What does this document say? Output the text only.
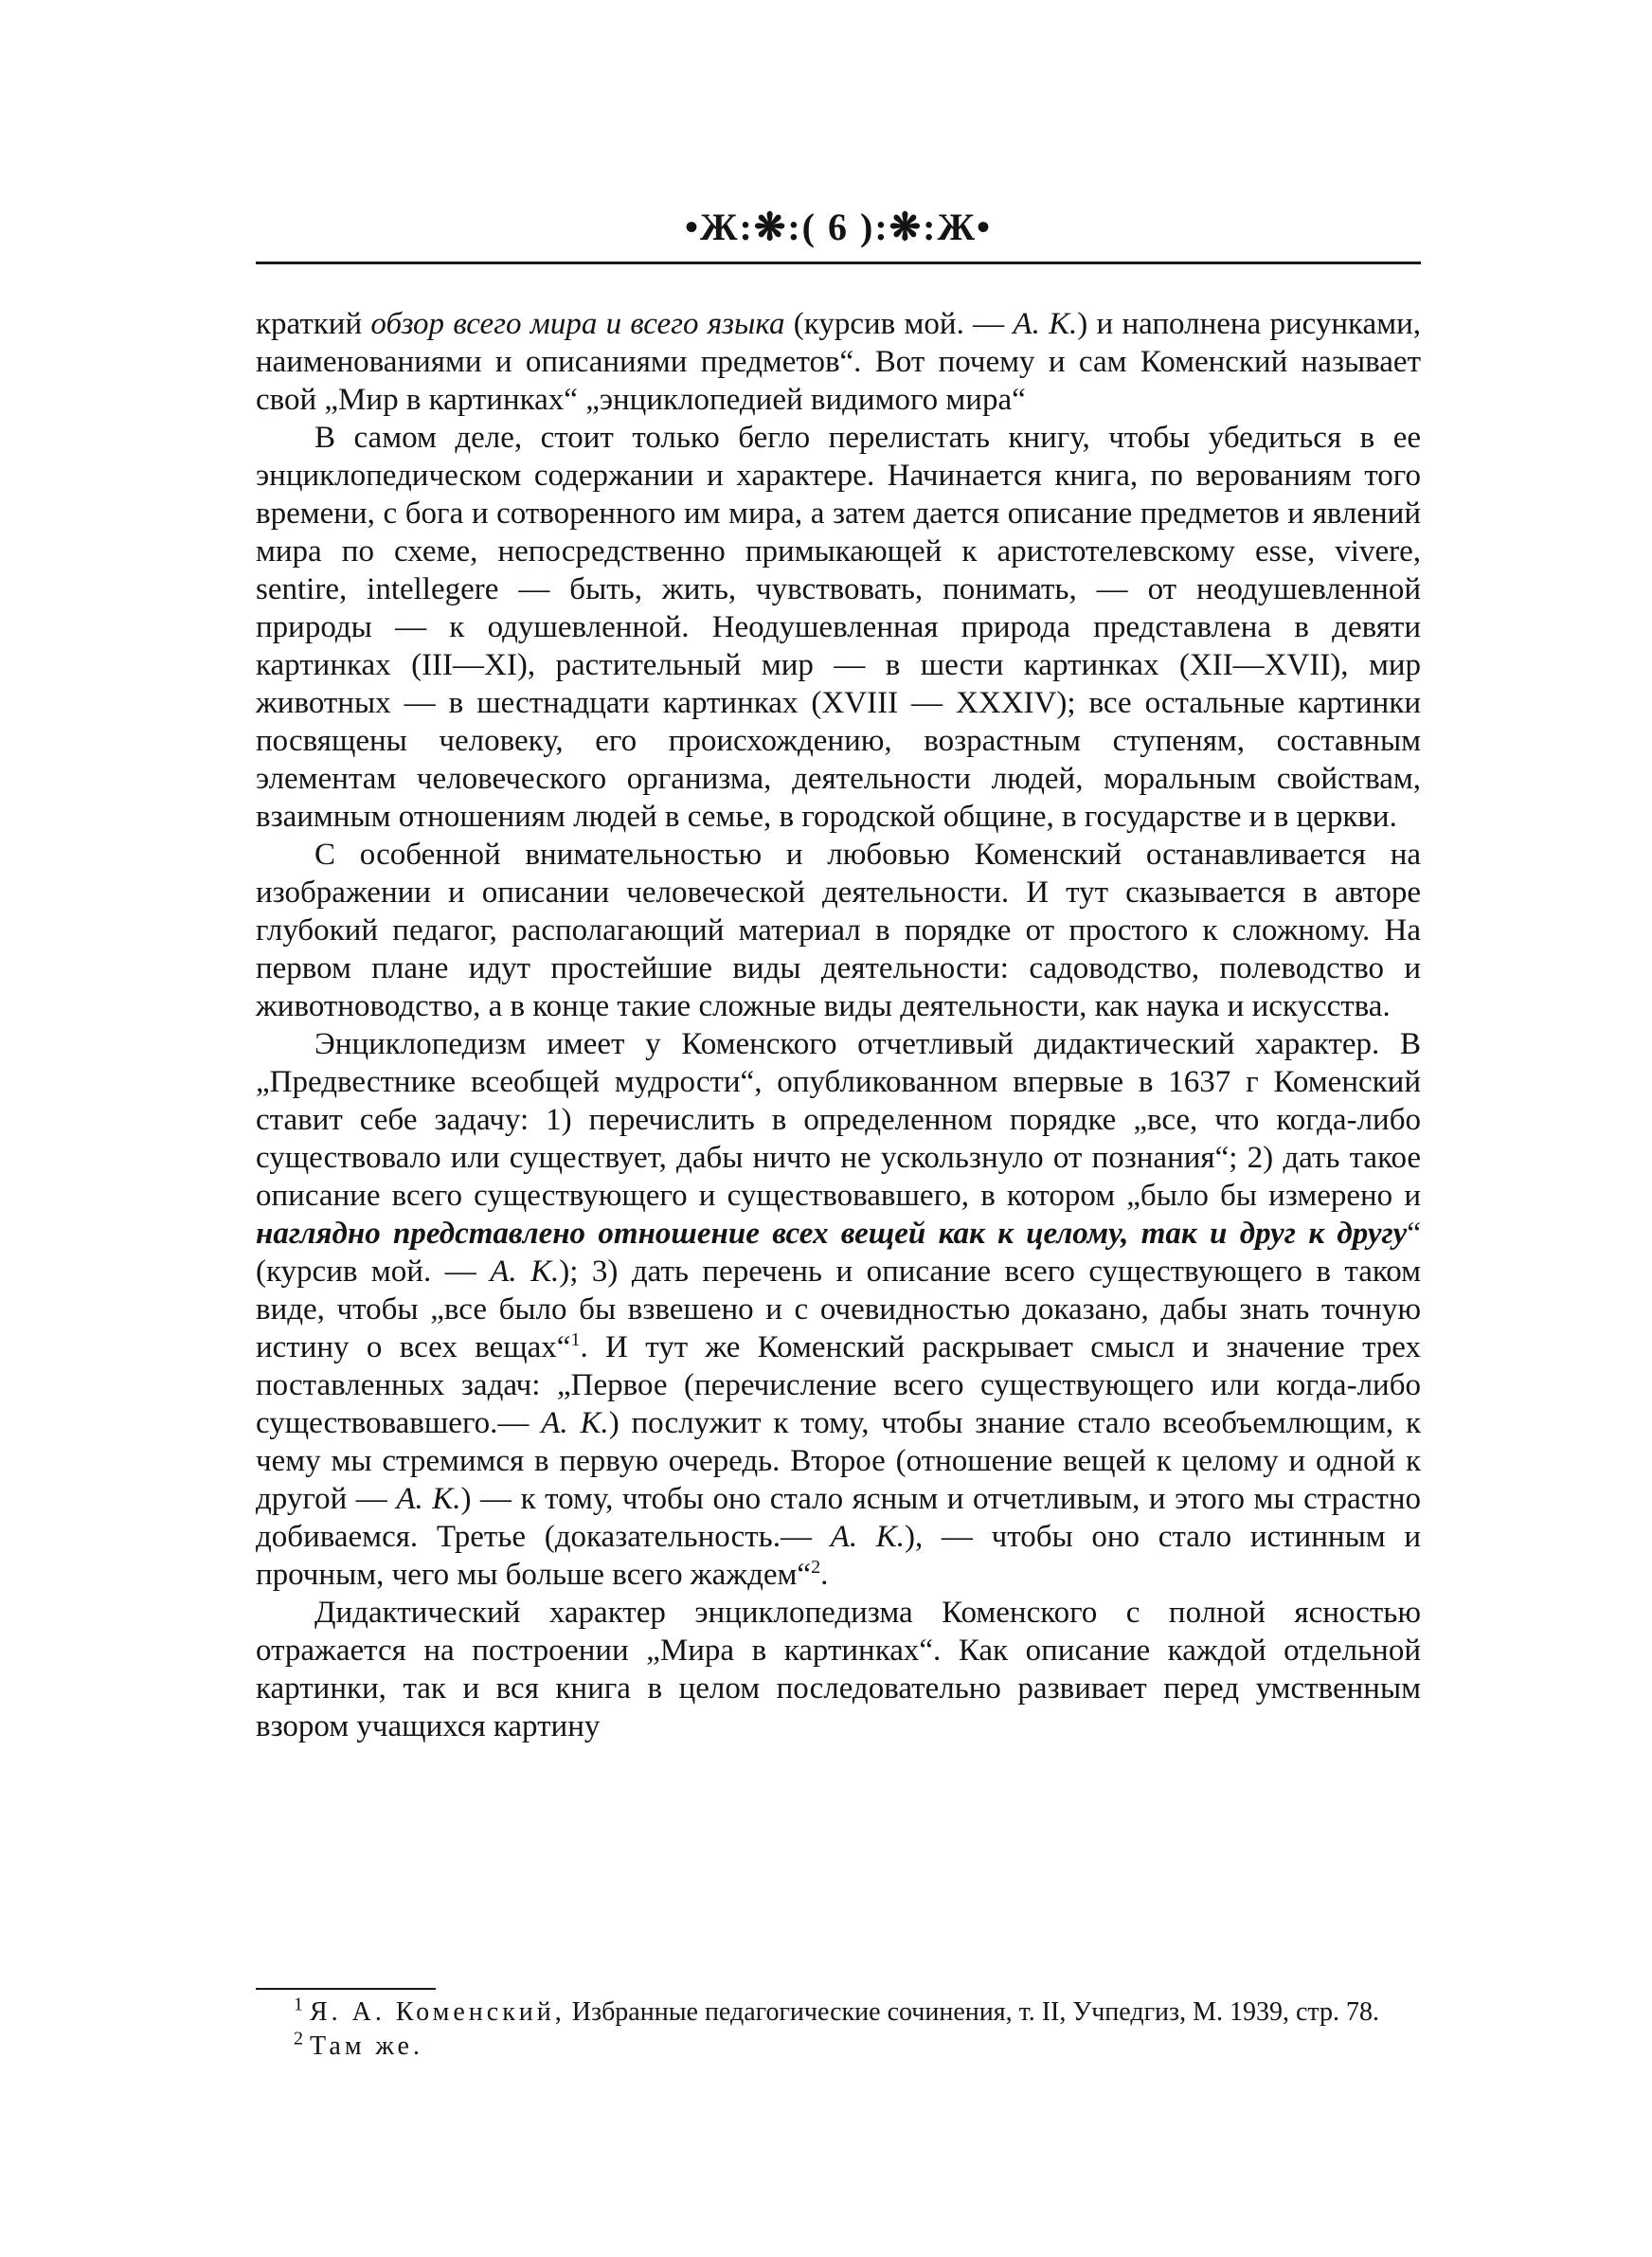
•Ж:❋:( 6 ):❋:Ж•

краткий обзор всего мира и всего языка (курсив мой. — А. К.) и наполнена рисунками, наименованиями и описаниями предметов“. Вот почему и сам Коменский называет свой „Мир в картинках“ „энциклопедией видимого мира“

В самом деле, стоит только бегло перелистать книгу, чтобы убедиться в ее энциклопедическом содержании и характере. Начинается книга, по верованиям того времени, с бога и сотворенного им мира, а затем дается описание предметов и явлений мира по схеме, непосредственно примыкающей к аристотелевскому esse, vivere, sentire, intellegere — быть, жить, чувствовать, понимать, — от неодушевленной природы — к одушевленной. Неодушевленная природа представлена в девяти картинках (III—XI), растительный мир — в шести картинках (XII—XVII), мир животных — в шестнадцати картинках (XVIII — XXXIV); все остальные картинки посвящены человеку, его происхождению, возрастным ступеням, составным элементам человеческого организма, деятельности людей, моральным свойствам, взаимным отношениям людей в семье, в городской общине, в государстве и в церкви.

С особенной внимательностью и любовью Коменский останавливается на изображении и описании человеческой деятельности. И тут сказывается в авторе глубокий педагог, располагающий материал в порядке от простого к сложному. На первом плане идут простейшие виды деятельности: садоводство, полеводство и животноводство, а в конце такие сложные виды деятельности, как наука и искусства.

Энциклопедизм имеет у Коменского отчетливый дидактический характер. В „Предвестнике всеобщей мудрости“, опубликованном впервые в 1637 г Коменский ставит себе задачу: 1) перечислить в определенном порядке „все, что когда-либо существовало или существует, дабы ничто не ускользнуло от познания“; 2) дать такое описание всего существующего и существовавшего, в котором „было бы измерено и наглядно представлено отношение всех вещей как к целому, так и друг к другу“ (курсив мой. — А. К.); 3) дать перечень и описание всего существующего в таком виде, чтобы „все было бы взвешено и с очевидностью доказано, дабы знать точную истину о всех вещах“$^1$. И тут же Коменский раскрывает смысл и значение трех поставленных задач: „Первое (перечисление всего существующего или когда-либо существовавшего.— А. К.) послужит к тому, чтобы знание стало всеобъемлющим, к чему мы стремимся в первую очередь. Второе (отношение вещей к целому и одной к другой — А. К.) — к тому, чтобы оно стало ясным и отчетливым, и этого мы страстно добиваемся. Третье (доказательность.— А. К.), — чтобы оно стало истинным и прочным, чего мы больше всего жаждем“$^2$.

Дидактический характер энциклопедизма Коменского с полной ясностью отражается на построении „Мира в картинках“. Как описание каждой отдельной картинки, так и вся книга в целом последовательно развивает перед умственным взором учащихся картину

$^1$ Я. А. Коменский, Избранные педагогические сочинения, т. II, Учпедгиз, М. 1939, стр. 78.

$^2$ Там же.
